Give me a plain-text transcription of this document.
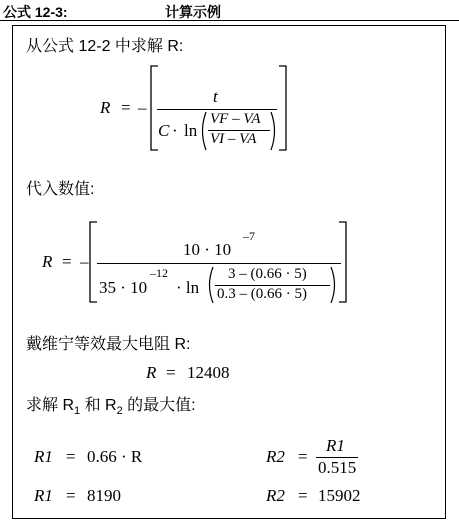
公式 12-3:	计算示例
从公式 12-2 中求解 R:
R = –
t
C · ln
VF – VA
VI – VA
代入数值:
R = –
10 · 10
–7
35 · 10
–12
· ln
3 – (0.66 · 5)
0.3 – (0.66 · 5)
戴维宁等效最大电阻 R:
R = 12408
求解 $R_1$ 和 $R_2$ 的最大值:
R1 = 0.66 · R	R2 =
R1
0.515
R1 = 8190	R2 = 15902
